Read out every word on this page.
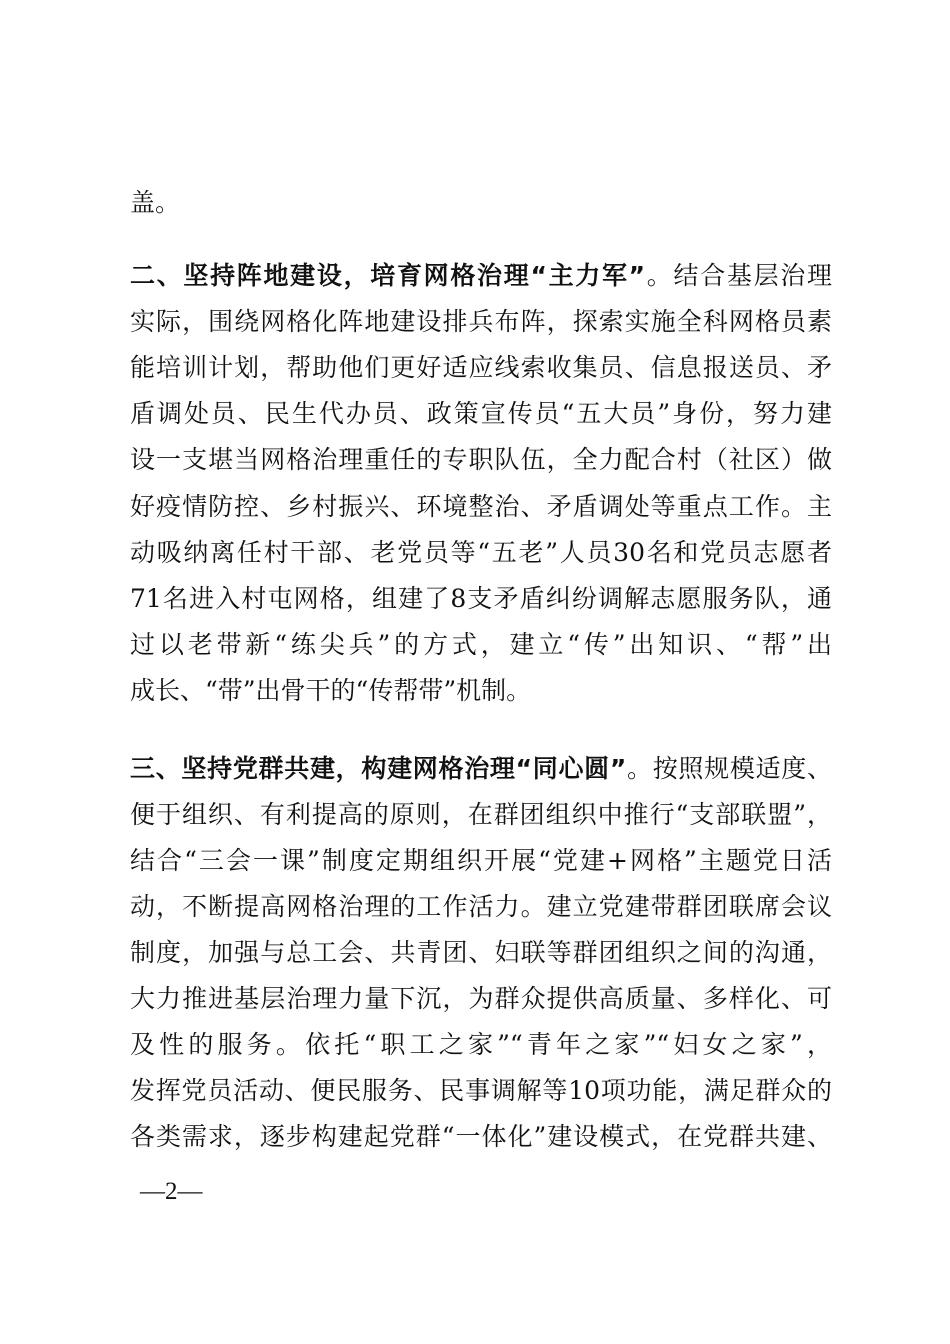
盖。
二、坚持阵地建设，培育网格治理“主力军”。结合基层治理
实际，围绕网格化阵地建设排兵布阵，探索实施全科网格员素
能培训计划，帮助他们更好适应线索收集员、信息报送员、矛
盾调处员、民生代办员、政策宣传员“五大员”身份，努力建
设一支堪当网格治理重任的专职队伍，全力配合村（社区）做
好疫情防控、乡村振兴、环境整治、矛盾调处等重点工作。主
动吸纳离任村干部、老党员等“五老”人员30名和党员志愿者
71名进入村屯网格，组建了8支矛盾纠纷调解志愿服务队，通
过以老带新“练尖兵”的方式，建立“传”出知识、“帮”出
成长、“带”出骨干的“传帮带”机制。
三、坚持党群共建，构建网格治理“同心圆”。按照规模适度、
便于组织、有利提高的原则，在群团组织中推行“支部联盟”，
结合“三会一课”制度定期组织开展“党建+网格”主题党日活
动，不断提高网格治理的工作活力。建立党建带群团联席会议
制度，加强与总工会、共青团、妇联等群团组织之间的沟通，
大力推进基层治理力量下沉，为群众提供高质量、多样化、可
及性的服务。依托“职工之家”“青年之家”“妇女之家”，
发挥党员活动、便民服务、民事调解等10项功能，满足群众的
各类需求，逐步构建起党群“一体化”建设模式，在党群共建、
—2—
